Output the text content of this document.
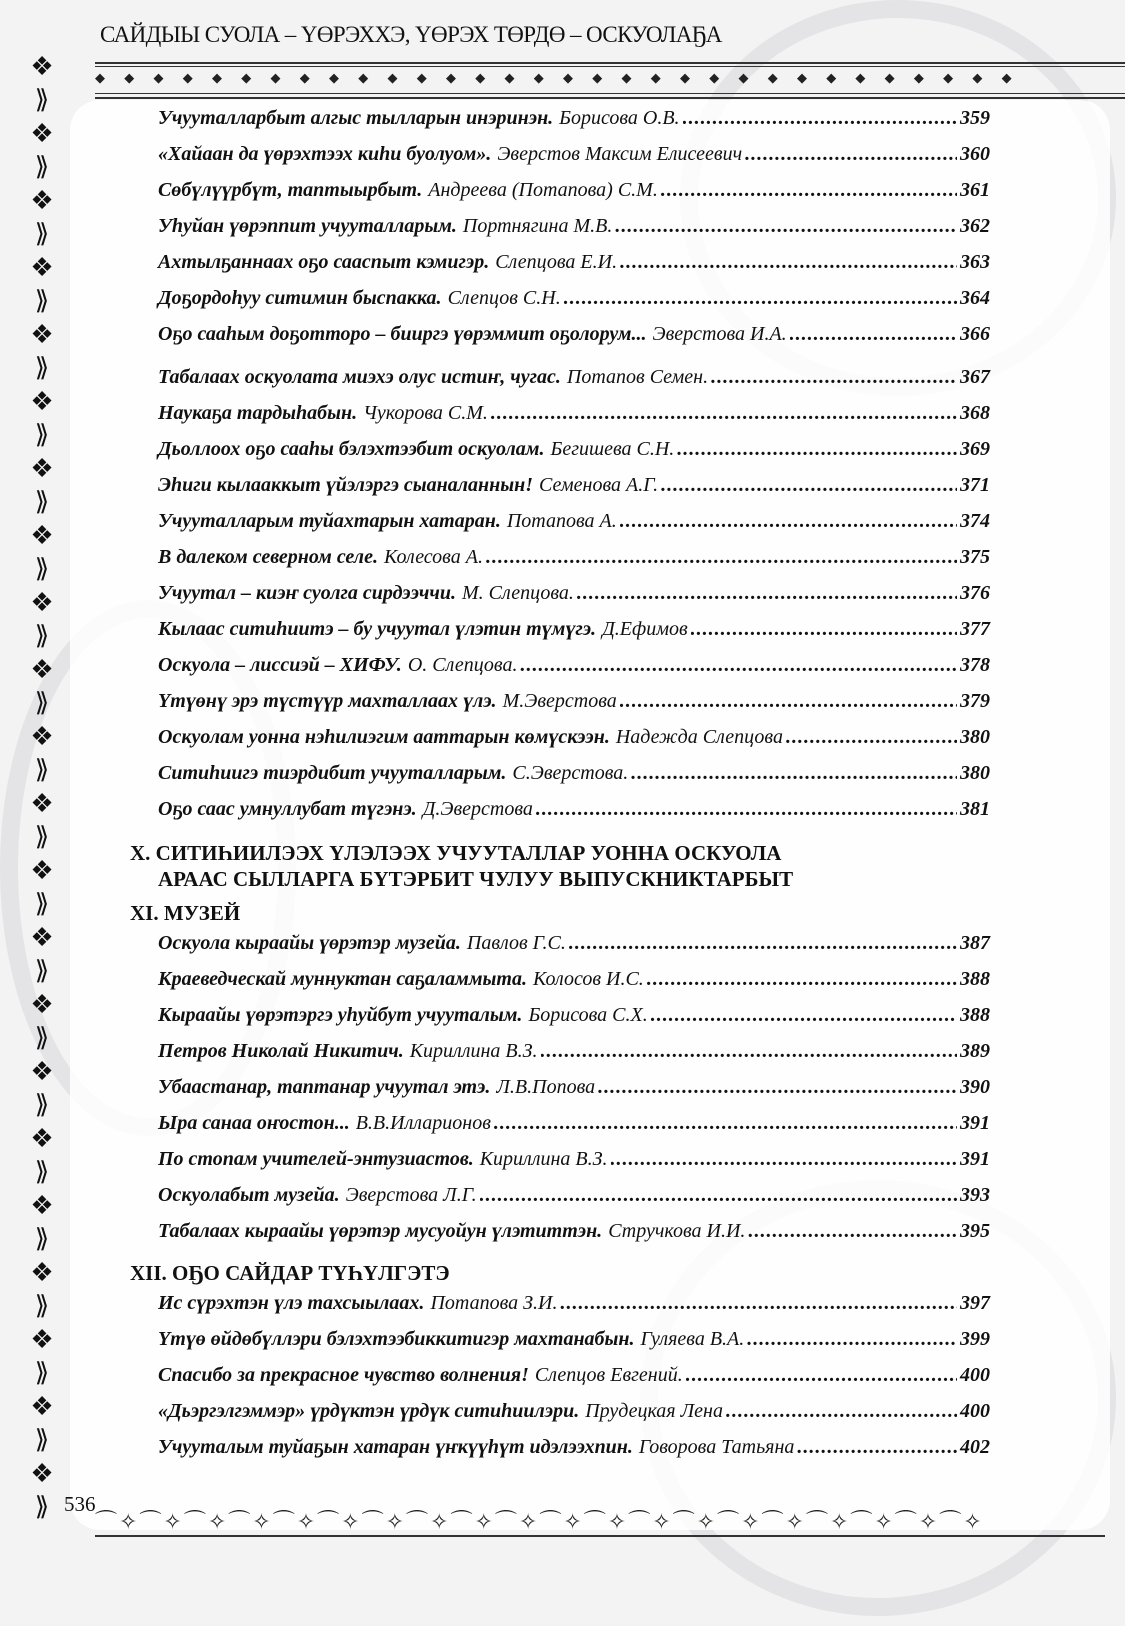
САЙДЫЫ СУОЛА – ҮӨРЭХХЭ, ҮӨРЭХ ТӨРДӨ – ОСКУОЛАҔА
◆ ◆ ◆ ◆ ◆ ◆ ◆ ◆ ◆ ◆ ◆ ◆ ◆ ◆ ◆ ◆ ◆ ◆ ◆ ◆ ◆ ◆ ◆ ◆ ◆ ◆ ◆ ◆ ◆ ◆ ◆ ◆
❖
⟫
❖
⟫
❖
⟫
❖
⟫
❖
⟫
❖
⟫
❖
⟫
❖
⟫
❖
⟫
❖
⟫
❖
⟫
❖
⟫
❖
⟫
❖
⟫
❖
⟫
❖
⟫
❖
⟫
❖
⟫
❖
⟫
❖
⟫
❖
⟫
❖
⟫
Учууталларбыт алгыс тылларын инэринэн. Борисова О.В. .....	359
«Хайаан да үөрэхтээх киhи буолуом». Эверстов Максим Елисеевич .....	360
Сөбүлүүрбүт, таптыырбыт. Андреева (Потапова) С.М. .....	361
Уhуйан үөрэппит учууталларым. Портнягина М.В. .....	362
Ахтылҕаннаах оҕо сааспыт кэмигэр. Слепцова Е.И. .....	363
Доҕордоhуу ситимин быспакка. Слепцов С.Н. .....	364
Оҕо сааhым доҕотторо – бииргэ үөрэммит оҕолорум... Эверстова И.А. .....	366
Табалаах оскуолата миэхэ олус истиҥ, чугас. Потапов Семен. .....	367
Наукаҕа тардыhабын. Чукорова С.М. .....	368
Дьоллоох оҕо сааhы бэлэхтээбит оскуолам. Бегишева С.Н. .....	369
Эhиги кылааккыт үйэлэргэ сыаналаннын! Семенова А.Г. .....	371
Учууталларым туйахтарын хатаран. Потапова А. .....	374
В далеком северном селе. Колесова А. .....	375
Учуутал – киэҥ суолга сирдээччи. М. Слепцова. .....	376
Кылаас ситиhиитэ – бу учуутал үлэтин түмүгэ. Д.Ефимов .....	377
Оскуола – лиссиэй – ХИФУ. О. Слепцова. .....	378
Үтүөнү эрэ түстүүр махталлаах үлэ. М.Эверстова .....	379
Оскуолам уонна нэhилиэгим ааттарын көмүскээн. Надежда Слепцова .....	380
Ситиhиигэ тиэрдибит учууталларым. С.Эверстова. .....	380
Оҕо саас умнуллубат түгэнэ. Д.Эверстова .....	381
X. СИТИҺИИЛЭЭХ ҮЛЭЛЭЭХ УЧУУТАЛЛАР УОННА ОСКУОЛА
АРААС СЫЛЛАРГА БҮТЭРБИТ ЧУЛУУ ВЫПУСКНИКТАРБЫТ
XI. МУЗЕЙ
Оскуола кыраайы үөрэтэр музейа. Павлов Г.С. .....	387
Краеведческай муннуктан саҕаламмыта. Колосов И.С. .....	388
Кыраайы үөрэтэргэ уhуйбут учууталым. Борисова С.Х. .....	388
Петров Николай Никитич. Кириллина В.З. .....	389
Убаастанар, таптанар учуутал этэ. Л.В.Попова .....	390
Ыра санаа оҥостон... В.В.Илларионов .....	391
По стопам учителей-энтузиастов. Кириллина В.З. .....	391
Оскуолабыт музейа. Эверстова Л.Г. .....	393
Табалаах кыраайы үөрэтэр мусуойун үлэтиттэн. Стручкова И.И. .....	395
XII. ОҔО САЙДАР ТҮҺҮЛГЭТЭ
Ис сүрэхтэн үлэ тахсыылаах. Потапова З.И. .....	397
Үтүө өйдөбүллэри бэлэхтээбиккитигэр махтанабын. Гуляева В.А. .....	399
Спасибо за прекрасное чувство волнения! Слепцов Евгений. .....	400
«Дьэргэлгэммэр» үрдүктэн үрдүк ситиhиилэри. Прудецкая Лена .....	400
Учууталым туйаҕын хатаран үҥкүүhүт идэлээхпин. Говорова Татьяна .....	402
536
⌒✧⌒✧⌒✧⌒✧⌒✧⌒✧⌒✧⌒✧⌒✧⌒✧⌒✧⌒✧⌒✧⌒✧⌒✧⌒✧⌒✧⌒✧⌒✧⌒✧
